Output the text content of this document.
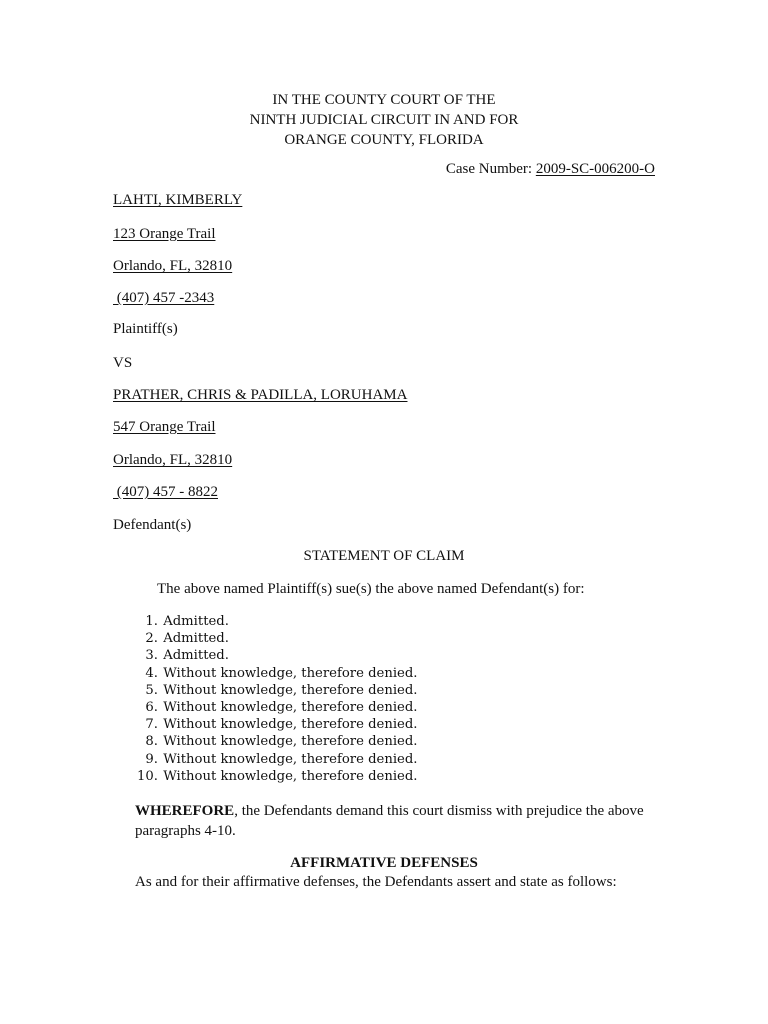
IN THE COUNTY COURT OF THE
NINTH JUDICIAL CIRCUIT IN AND FOR
ORANGE COUNTY, FLORIDA
Case Number: 2009-SC-006200-O
LAHTI, KIMBERLY
123 Orange Trail
Orlando, FL, 32810
(407) 457 -2343
Plaintiff(s)
VS
PRATHER, CHRIS & PADILLA, LORUHAMA
547 Orange Trail
Orlando, FL, 32810
(407) 457 - 8822
Defendant(s)
STATEMENT OF CLAIM
The above named Plaintiff(s) sue(s) the above named Defendant(s) for:
1. Admitted.
2. Admitted.
3. Admitted.
4. Without knowledge, therefore denied.
5. Without knowledge, therefore denied.
6. Without knowledge, therefore denied.
7. Without knowledge, therefore denied.
8. Without knowledge, therefore denied.
9. Without knowledge, therefore denied.
10. Without knowledge, therefore denied.
WHEREFORE, the Defendants demand this court dismiss with prejudice the above paragraphs 4-10.
AFFIRMATIVE DEFENSES
As and for their affirmative defenses, the Defendants assert and state as follows:
